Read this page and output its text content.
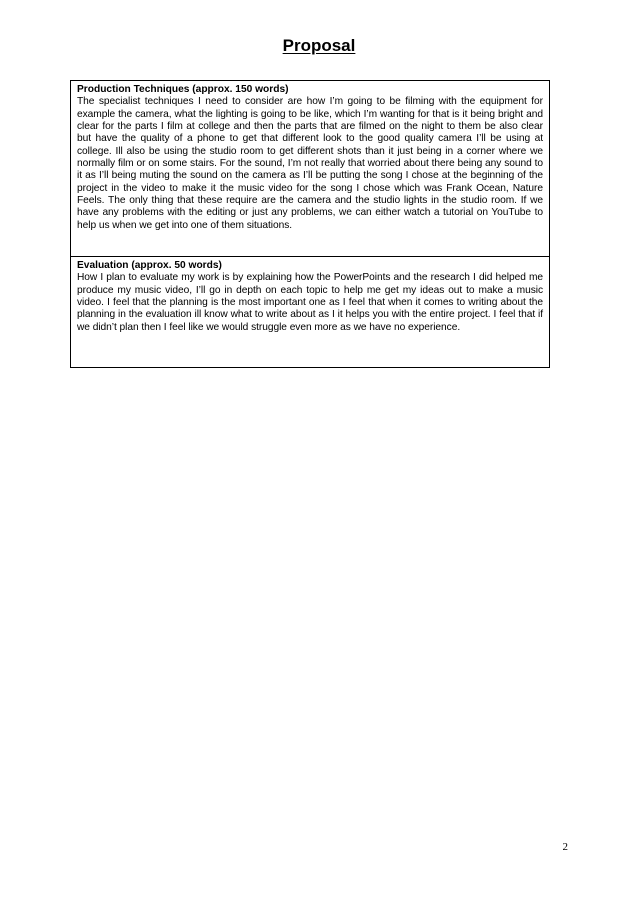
Proposal
Production Techniques (approx. 150 words)
The specialist techniques I need to consider are how I’m going to be filming with the equipment for example the camera, what the lighting is going to be like, which I’m wanting for that is it being bright and clear for the parts I film at college and then the parts that are filmed on the night to them be also clear but have the quality of a phone to get that different look to the good quality camera I’ll be using at college. Ill also be using the studio room to get different shots than it just being in a corner where we normally film or on some stairs. For the sound, I’m not really that worried about there being any sound to it as I’ll being muting the sound on the camera as I’ll be putting the song I chose at the beginning of the project in the video to make it the music video for the song I chose which was Frank Ocean, Nature Feels. The only thing that these require are the camera and the studio lights in the studio room. If we have any problems with the editing or just any problems, we can either watch a tutorial on YouTube to help us when we get into one of them situations.
Evaluation (approx. 50 words)
How I plan to evaluate my work is by explaining how the PowerPoints and the research I did helped me produce my music video, I’ll go in depth on each topic to help me get my ideas out to make a music video. I feel that the planning is the most important one as I feel that when it comes to writing about the planning in the evaluation ill know what to write about as I it helps you with the entire project. I feel that if we didn’t plan then I feel like we would struggle even more as we have no experience.
2
